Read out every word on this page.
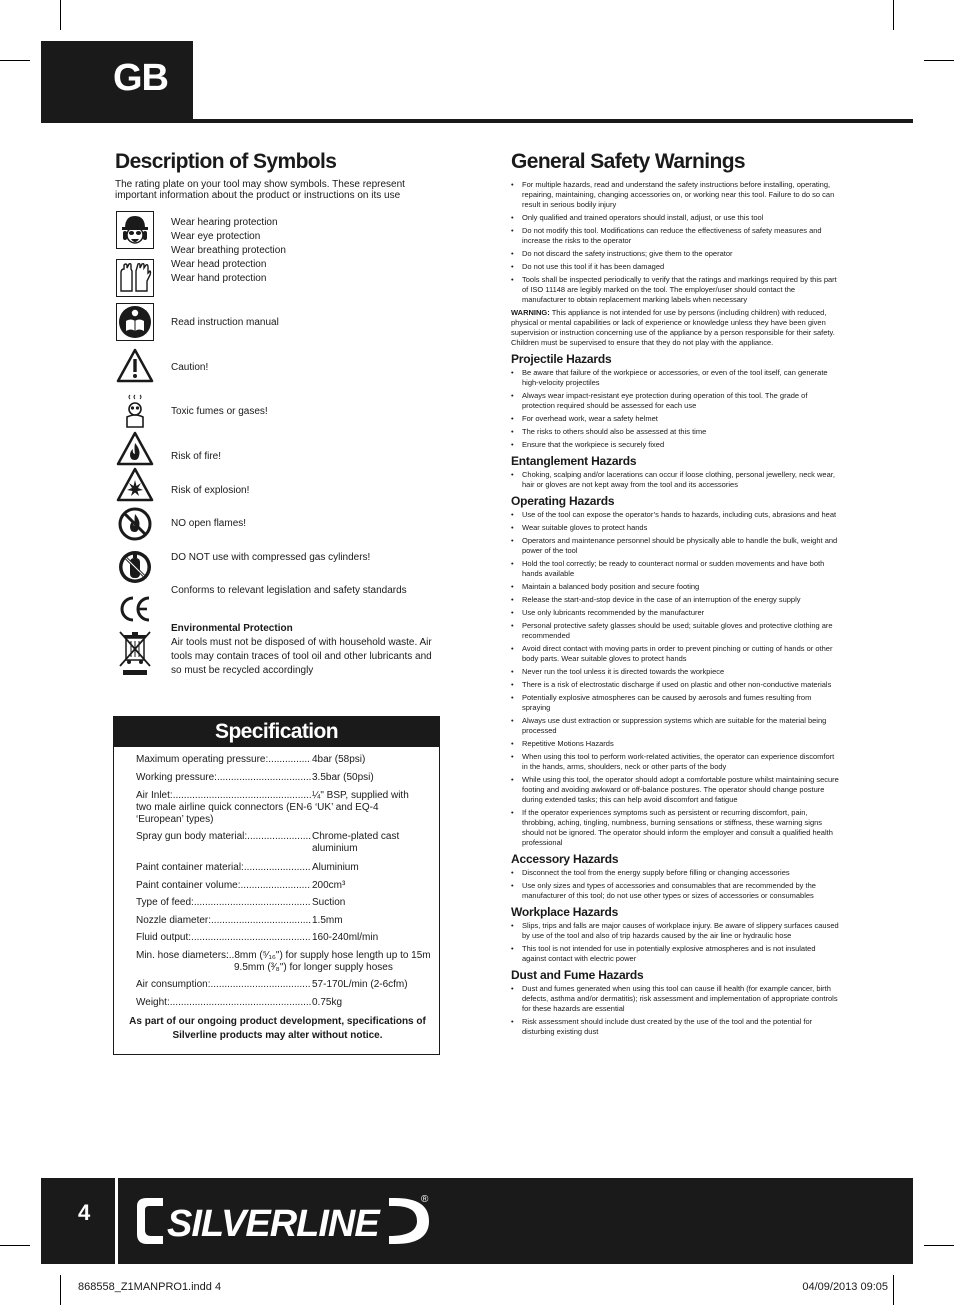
GB
Description of Symbols
The rating plate on your tool may show symbols. These represent important information about the product or instructions on its use
Wear hearing protection
Wear eye protection
Wear breathing protection
Wear head protection
Wear hand protection
Read instruction manual
Caution!
Toxic fumes or gases!
Risk of fire!
Risk of explosion!
NO open flames!
DO NOT use with compressed gas cylinders!
Conforms to relevant legislation and safety standards
Environmental Protection
Air tools must not be disposed of with household waste. Air tools may contain traces of tool oil and other lubricants and so must be recycled accordingly
Specification
Maximum operating pressure: .....	4bar (58psi)
Working pressure: .....	3.5bar (50psi)
Air Inlet: .....	¼" BSP, supplied with
two male airline quick connectors (EN-6 ‘UK’ and EQ-4 ‘European’ types)
Spray gun body material: .....	Chrome-plated cast aluminium
Paint container material: .....	Aluminium
Paint container volume: .....	200cm³
Type of feed: .....	Suction
Nozzle diameter: .....	1.5mm
Fluid output: .....	160-240ml/min
Min. hose diameters:
...8mm (⁵⁄₁₆") for supply hose length up to 15m
9.5mm (³⁄₈") for longer supply hoses
Air consumption: .....	57-170L/min (2-6cfm)
Weight: .....	0.75kg
As part of our ongoing product development, specifications of Silverline products may alter without notice.
General Safety Warnings
• For multiple hazards, read and understand the safety instructions before installing, operating, repairing, maintaining, changing accessories on, or working near this tool. Failure to do so can result in serious bodily injury
• Only qualified and trained operators should install, adjust, or use this tool
• Do not modify this tool. Modifications can reduce the effectiveness of safety measures and increase the risks to the operator
• Do not discard the safety instructions; give them to the operator
• Do not use this tool if it has been damaged
• Tools shall be inspected periodically to verify that the ratings and markings required by this part of ISO 11148 are legibly marked on the tool. The employer/user should contact the manufacturer to obtain replacement marking labels when necessary

WARNING: This appliance is not intended for use by persons (including children) with reduced, physical or mental capabilities or lack of experience or knowledge unless they have been given supervision or instruction concerning use of the appliance by a person responsible for their safety. Children must be supervised to ensure that they do not play with the appliance.

Projectile Hazards
• Be aware that failure of the workpiece or accessories, or even of the tool itself, can generate high-velocity projectiles
• Always wear impact-resistant eye protection during operation of this tool. The grade of protection required should be assessed for each use
• For overhead work, wear a safety helmet
• The risks to others should also be assessed at this time
• Ensure that the workpiece is securely fixed
Entanglement Hazards
• Choking, scalping and/or lacerations can occur if loose clothing, personal jewellery, neck wear, hair or gloves are not kept away from the tool and its accessories
Operating Hazards
• Use of the tool can expose the operator’s hands to hazards, including cuts, abrasions and heat
• Wear suitable gloves to protect hands
• Operators and maintenance personnel should be physically able to handle the bulk, weight and power of the tool
• Hold the tool correctly; be ready to counteract normal or sudden movements and have both hands available
• Maintain a balanced body position and secure footing
• Release the start-and-stop device in the case of an interruption of the energy supply
• Use only lubricants recommended by the manufacturer
• Personal protective safety glasses should be used; suitable gloves and protective clothing are recommended
• Avoid direct contact with moving parts in order to prevent pinching or cutting of hands or other body parts. Wear suitable gloves to protect hands
• Never run the tool unless it is directed towards the workpiece
• There is a risk of electrostatic discharge if used on plastic and other non-conductive materials
• Potentially explosive atmospheres can be caused by aerosols and fumes resulting from spraying
• Always use dust extraction or suppression systems which are suitable for the material being processed
• Repetitive Motions Hazards
• When using this tool to perform work-related activities, the operator can experience discomfort in the hands, arms, shoulders, neck or other parts of the body
• While using this tool, the operator should adopt a comfortable posture whilst maintaining secure footing and avoiding awkward or off-balance postures. The operator should change posture during extended tasks; this can help avoid discomfort and fatigue
• If the operator experiences symptoms such as persistent or recurring discomfort, pain, throbbing, aching, tingling, numbness, burning sensations or stiffness, these warning signs should not be ignored. The operator should inform the employer and consult a qualified health professional
Accessory Hazards
• Disconnect the tool from the energy supply before filling or changing accessories
• Use only sizes and types of accessories and consumables that are recommended by the manufacturer of this tool; do not use other types or sizes of accessories or consumables
Workplace Hazards
• Slips, trips and falls are major causes of workplace injury. Be aware of slippery surfaces caused by use of the tool and also of trip hazards caused by the air line or hydraulic hose
• This tool is not intended for use in potentially explosive atmospheres and is not insulated against contact with electric power
Dust and Fume Hazards
• Dust and fumes generated when using this tool can cause ill health (for example cancer, birth defects, asthma and/or dermatitis); risk assessment and implementation of appropriate controls for these hazards are essential
• Risk assessment should include dust created by the use of the tool and the potential for disturbing existing dust
4 SILVERLINE
®
868558_Z1MANPRO1.indd 4	04/09/2013 09:05
